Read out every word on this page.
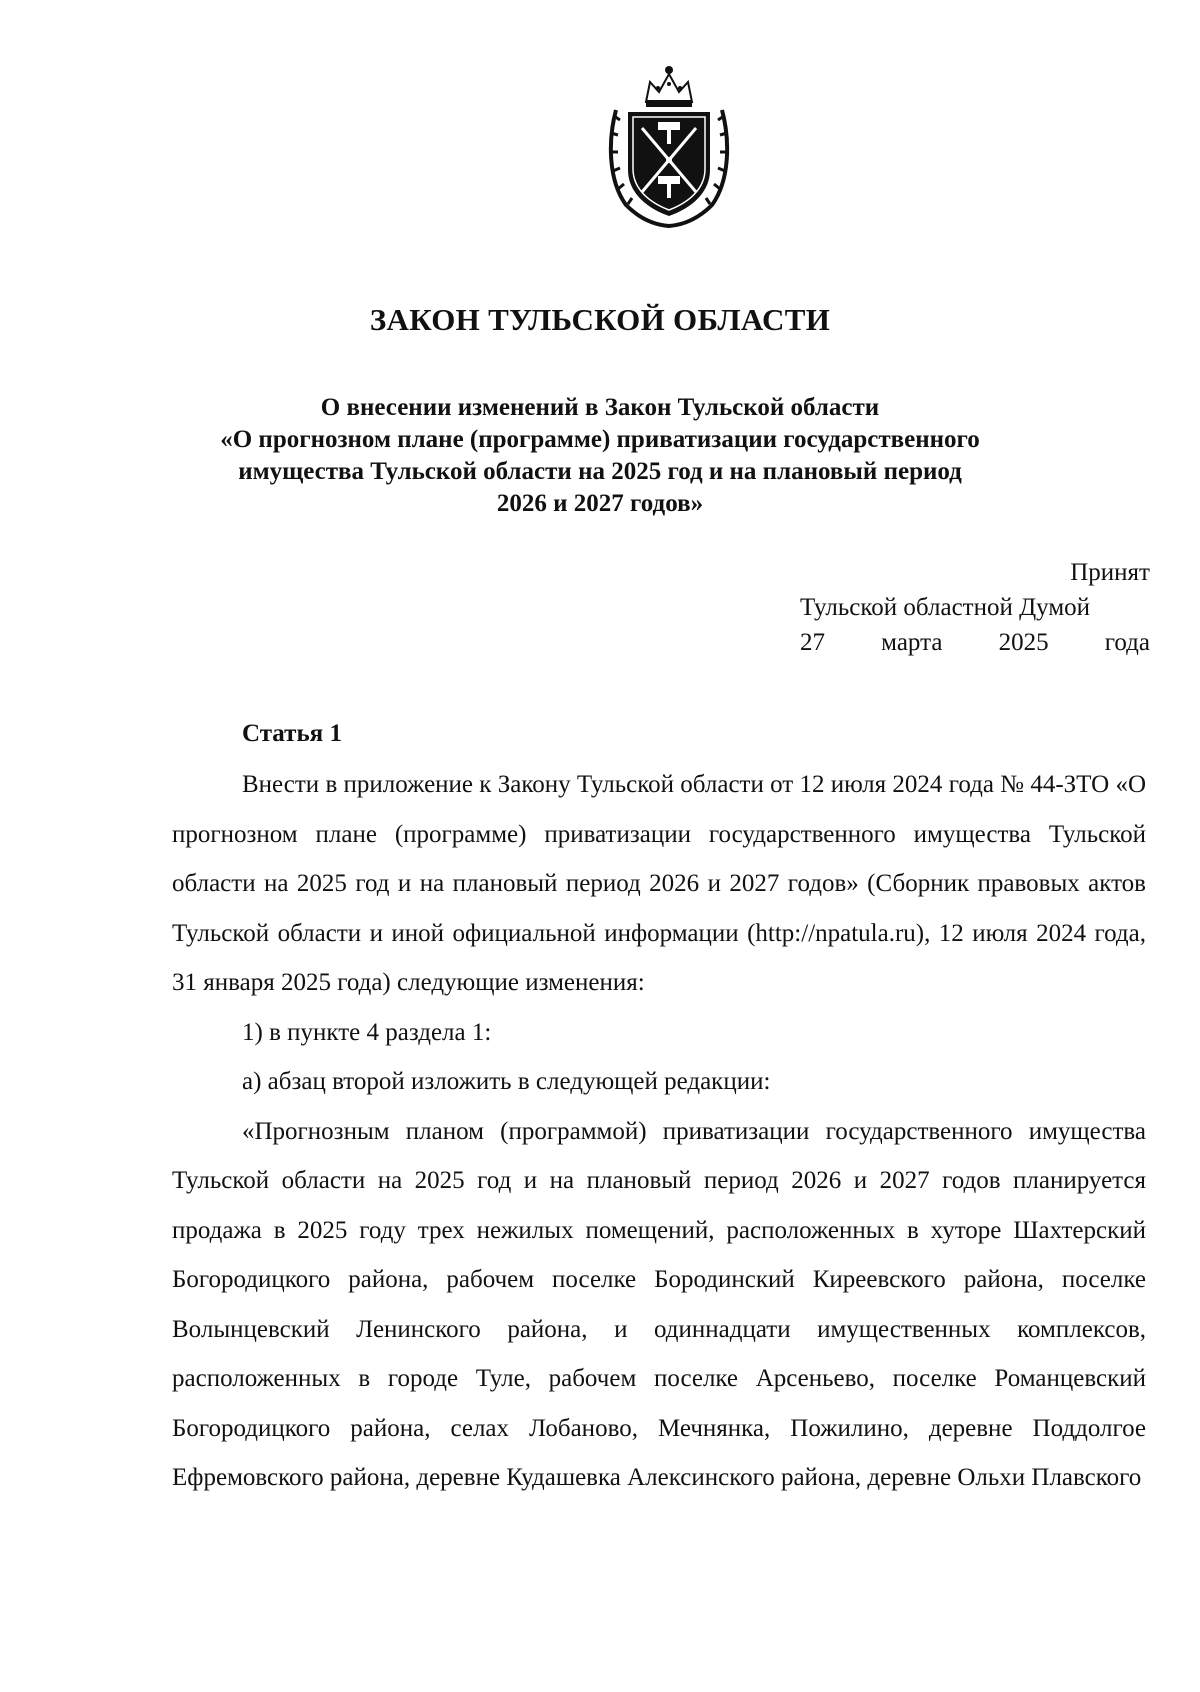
ЗАКОН ТУЛЬСКОЙ ОБЛАСТИ
О внесении изменений в Закон Тульской области
«О прогнозном плане (программе) приватизации государственного
имущества Тульской области на 2025 год и на плановый период
2026 и 2027 годов»
Принят
Тульской областной Думой
27 марта 2025 года
Статья 1

Внести в приложение к Закону Тульской области от 12 июля 2024 года № 44-ЗТО «О прогнозном плане (программе) приватизации государственного имущества Тульской области на 2025 год и на плановый период 2026 и 2027 годов» (Сборник правовых актов Тульской области и иной официальной информации (http://npatula.ru), 12 июля 2024 года, 31 января 2025 года) следующие изменения:

1) в пункте 4 раздела 1:

а) абзац второй изложить в следующей редакции:

«Прогнозным планом (программой) приватизации государственного имущества Тульской области на 2025 год и на плановый период 2026 и 2027 годов планируется продажа в 2025 году трех нежилых помещений, расположенных в хуторе Шахтерский Богородицкого района, рабочем поселке Бородинский Киреевского района, поселке Волынцевский Ленинского района, и одиннадцати имущественных комплексов, расположенных в городе Туле, рабочем поселке Арсеньево, поселке Романцевский Богородицкого района, селах Лобаново, Мечнянка, Пожилино, деревне Поддолгое Ефремовского района, деревне Кудашевка Алексинского района, деревне Ольхи Плавского
